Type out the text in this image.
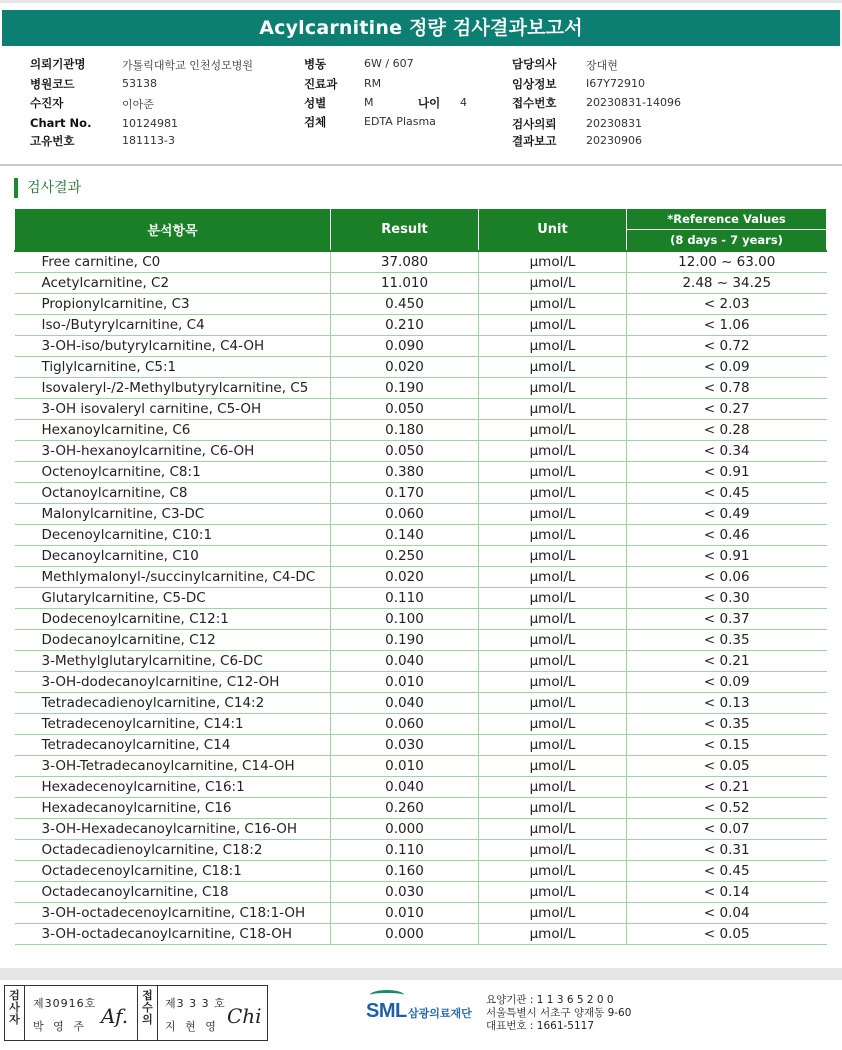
Acylcarnitine 정량 검사결과보고서
의뢰기관명	가톨릭대학교 인천성모병원
병원코드	53138
수진자	이아준
Chart No.	10124981
고유번호	181113-3
병동	6W / 607
진료과 RM
성별	M	나이 4
검체	EDTA Plasma
담당의사	장대현
임상정보	I67Y72910
접수번호	20230831-14096
검사의뢰	20230831
결과보고	20230906
검사결과
분석항목	Result	Unit	*Reference Values
			(8 days - 7 years)
Free carnitine, C0	37.080	µmol/L	12.00 ~ 63.00
Acetylcarnitine, C2	11.010	µmol/L	2.48 ~ 34.25
Propionylcarnitine, C3	0.450	µmol/L	< 2.03
Iso-/Butyrylcarnitine, C4	0.210	µmol/L	< 1.06
3-OH-iso/butyrylcarnitine, C4-OH	0.090	µmol/L	< 0.72
Tiglylcarnitine, C5:1	0.020	µmol/L	< 0.09
Isovaleryl-/2-Methylbutyrylcarnitine, C5	0.190	µmol/L	< 0.78
3-OH isovaleryl carnitine, C5-OH	0.050	µmol/L	< 0.27
Hexanoylcarnitine, C6	0.180	µmol/L	< 0.28
3-OH-hexanoylcarnitine, C6-OH	0.050	µmol/L	< 0.34
Octenoylcarnitine, C8:1	0.380	µmol/L	< 0.91
Octanoylcarnitine, C8	0.170	µmol/L	< 0.45
Malonylcarnitine, C3-DC	0.060	µmol/L	< 0.49
Decenoylcarnitine, C10:1	0.140	µmol/L	< 0.46
Decanoylcarnitine, C10	0.250	µmol/L	< 0.91
Methlymalonyl-/succinylcarnitine, C4-DC	0.020	µmol/L	< 0.06
Glutarylcarnitine, C5-DC	0.110	µmol/L	< 0.30
Dodecenoylcarnitine, C12:1	0.100	µmol/L	< 0.37
Dodecanoylcarnitine, C12	0.190	µmol/L	< 0.35
3-Methylglutarylcarnitine, C6-DC	0.040	µmol/L	< 0.21
3-OH-dodecanoylcarnitine, C12-OH	0.010	µmol/L	< 0.09
Tetradecadienoylcarnitine, C14:2	0.040	µmol/L	< 0.13
Tetradecenoylcarnitine, C14:1	0.060	µmol/L	< 0.35
Tetradecanoylcarnitine, C14	0.030	µmol/L	< 0.15
3-OH-Tetradecanoylcarnitine, C14-OH	0.010	µmol/L	< 0.05
Hexadecenoylcarnitine, C16:1	0.040	µmol/L	< 0.21
Hexadecanoylcarnitine, C16	0.260	µmol/L	< 0.52
3-OH-Hexadecanoylcarnitine, C16-OH	0.000	µmol/L	< 0.07
Octadecadienoylcarnitine, C18:2	0.110	µmol/L	< 0.31
Octadecenoylcarnitine, C18:1	0.160	µmol/L	< 0.45
Octadecanoylcarnitine, C18	0.030	µmol/L	< 0.14
3-OH-octadecenoylcarnitine, C18:1-OH	0.010	µmol/L	< 0.04
3-OH-octadecanoylcarnitine, C18-OH	0.000	µmol/L	< 0.05
검사자
제30916호
박 영 주 Af.
접수의
제3 3 3 호
지 현 영 Chi	SML 삼광의료재단
요양기관 : 1 1 3 6 5 2 0 0
서울특별시 서초구 양재동 9-60
대표번호 : 1661-5117
